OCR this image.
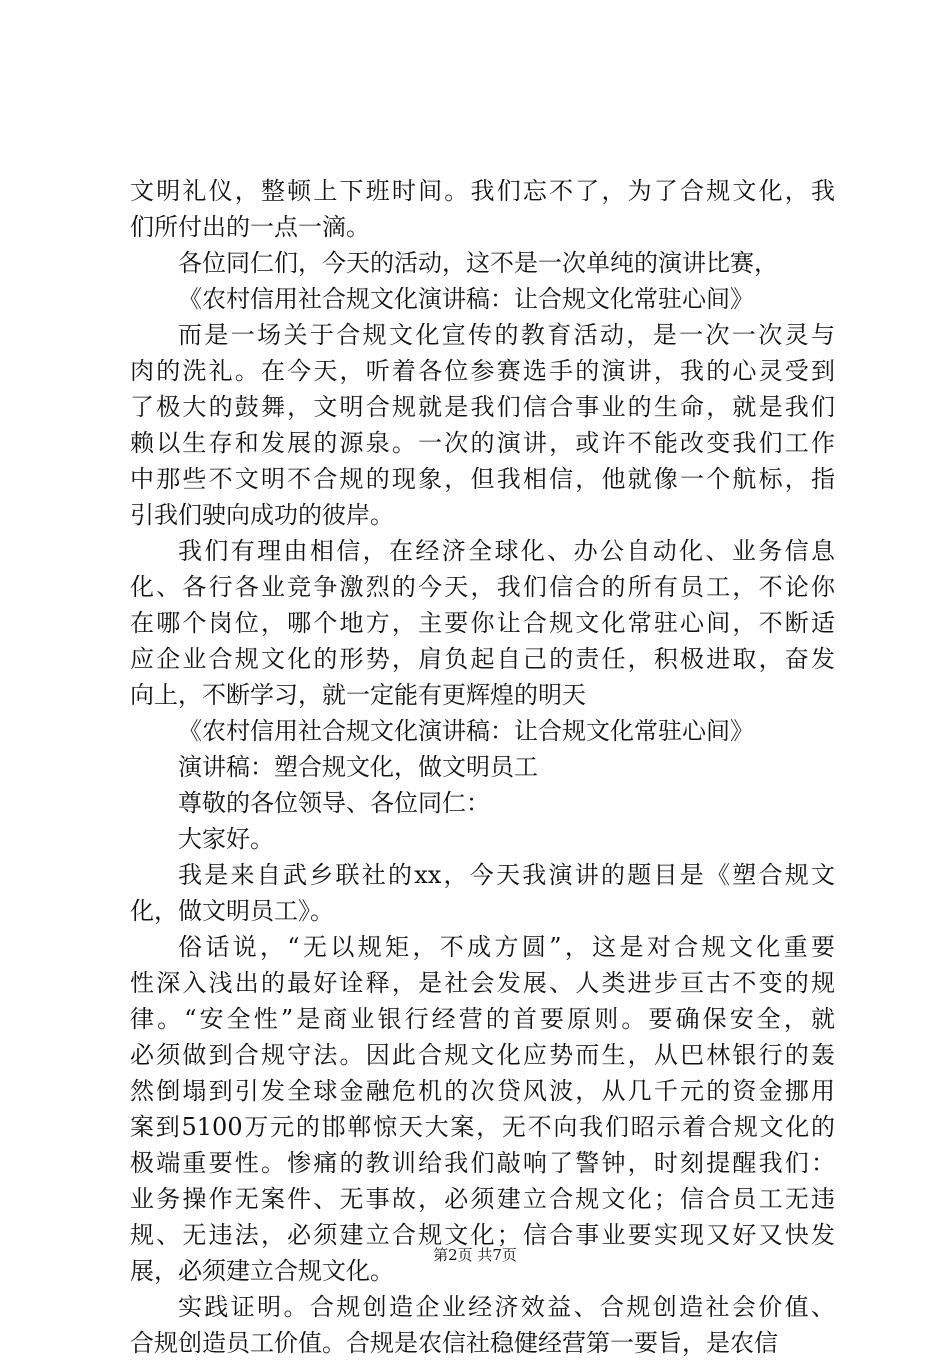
文明礼仪，整顿上下班时间。我们忘不了，为了合规文化，我
们所付出的一点一滴。
各位同仁们，今天的活动，这不是一次单纯的演讲比赛，
《农村信用社合规文化演讲稿：让合规文化常驻心间》
而是一场关于合规文化宣传的教育活动，是一次一次灵与
肉的洗礼。在今天，听着各位参赛选手的演讲，我的心灵受到
了极大的鼓舞，文明合规就是我们信合事业的生命，就是我们
赖以生存和发展的源泉。一次的演讲，或许不能改变我们工作
中那些不文明不合规的现象，但我相信，他就像一个航标，指
引我们驶向成功的彼岸。
我们有理由相信，在经济全球化、办公自动化、业务信息
化、各行各业竞争激烈的今天，我们信合的所有员工，不论你
在哪个岗位，哪个地方，主要你让合规文化常驻心间，不断适
应企业合规文化的形势，肩负起自己的责任，积极进取，奋发
向上，不断学习，就一定能有更辉煌的明天
《农村信用社合规文化演讲稿：让合规文化常驻心间》
演讲稿：塑合规文化，做文明员工
尊敬的各位领导、各位同仁：
大家好。
我是来自武乡联社的xx，今天我演讲的题目是《塑合规文
化，做文明员工》。
俗话说，“无以规矩，不成方圆”，这是对合规文化重要
性深入浅出的最好诠释，是社会发展、人类进步亘古不变的规
律。“安全性”是商业银行经营的首要原则。要确保安全，就
必须做到合规守法。因此合规文化应势而生，从巴林银行的轰
然倒塌到引发全球金融危机的次贷风波，从几千元的资金挪用
案到5100万元的邯郸惊天大案，无不向我们昭示着合规文化的
极端重要性。惨痛的教训给我们敲响了警钟，时刻提醒我们：
业务操作无案件、无事故，必须建立合规文化；信合员工无违
规、无违法，必须建立合规文化；信合事业要实现又好又快发
展，必须建立合规文化。
实践证明。合规创造企业经济效益、合规创造社会价值、
合规创造员工价值。合规是农信社稳健经营第一要旨，是农信
第2页 共7页
